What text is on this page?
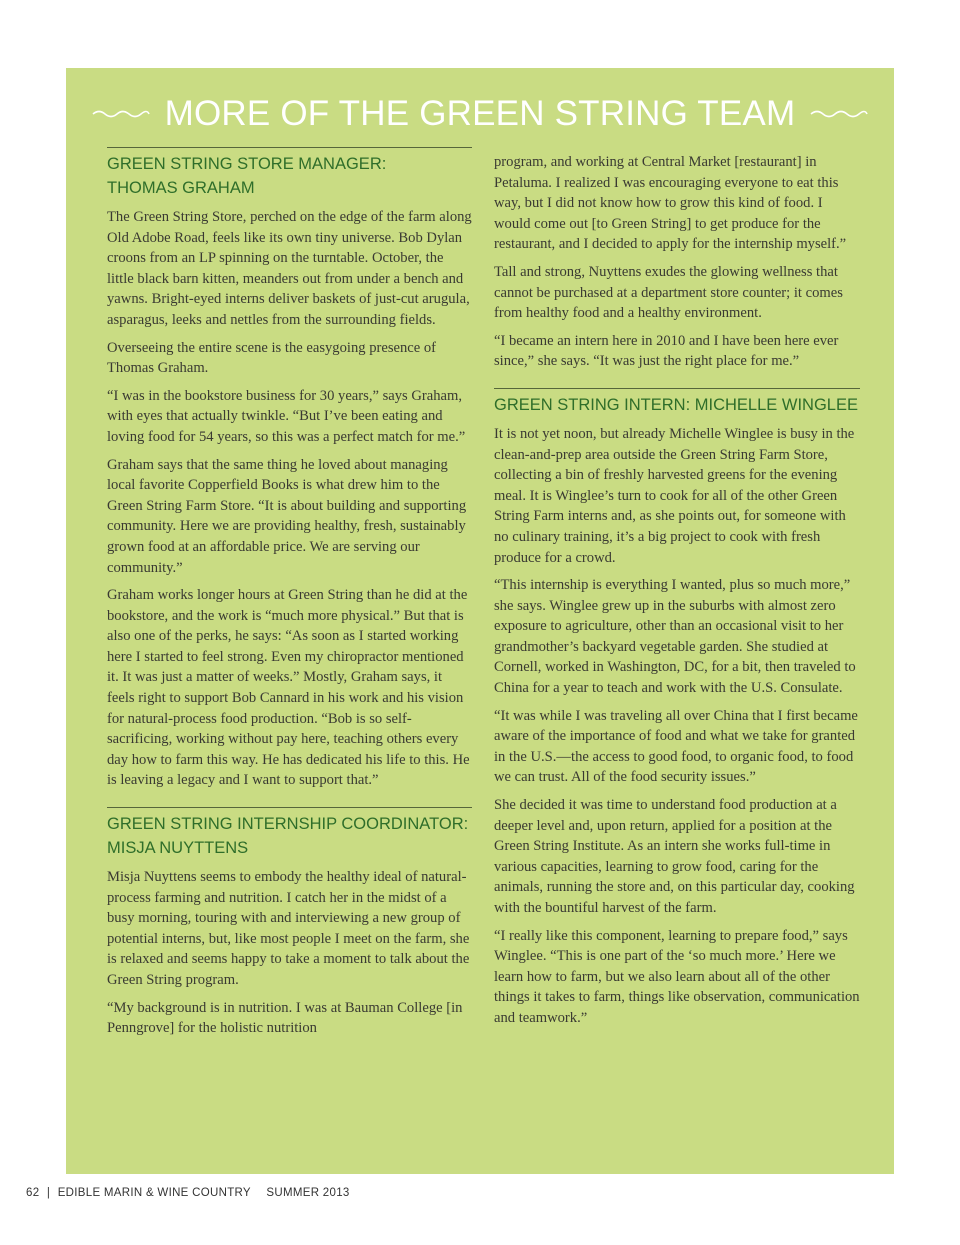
MORE OF THE GREEN STRING TEAM
GREEN STRING STORE MANAGER:
THOMAS GRAHAM

The Green String Store, perched on the edge of the farm along Old Adobe Road, feels like its own tiny universe. Bob Dylan croons from an LP spinning on the turntable. October, the little black barn kitten, meanders out from under a bench and yawns. Bright-eyed interns deliver baskets of just-cut arugula, asparagus, leeks and nettles from the surrounding fields.

Overseeing the entire scene is the easygoing presence of Thomas Graham.

“I was in the bookstore business for 30 years,” says Graham, with eyes that actually twinkle. “But I’ve been eating and loving food for 54 years, so this was a perfect match for me.”

Graham says that the same thing he loved about managing local favorite Copperfield Books is what drew him to the Green String Farm Store. “It is about building and supporting community. Here we are providing healthy, fresh, sustainably grown food at an affordable price. We are serving our community.”

Graham works longer hours at Green String than he did at the bookstore, and the work is “much more physical.” But that is also one of the perks, he says: “As soon as I started working here I started to feel strong. Even my chiropractor mentioned it. It was just a matter of weeks.” Mostly, Graham says, it feels right to support Bob Cannard in his work and his vision for natural-process food production. “Bob is so self-sacrificing, working without pay here, teaching others every day how to farm this way. He has dedicated his life to this. He is leaving a legacy and I want to support that.”

GREEN STRING INTERNSHIP COORDINATOR:
MISJA NUYTTENS

Misja Nuyttens seems to embody the healthy ideal of natural-process farming and nutrition. I catch her in the midst of a busy morning, touring with and interviewing a new group of potential interns, but, like most people I meet on the farm, she is relaxed and seems happy to take a moment to talk about the Green String program.

“My background is in nutrition. I was at Bauman College [in Penngrove] for the holistic nutrition

program, and working at Central Market [restaurant] in Petaluma. I realized I was encouraging everyone to eat this way, but I did not know how to grow this kind of food. I would come out [to Green String] to get produce for the restaurant, and I decided to apply for the internship myself.”

Tall and strong, Nuyttens exudes the glowing wellness that cannot be purchased at a department store counter; it comes from healthy food and a healthy environment.

“I became an intern here in 2010 and I have been here ever since,” she says. “It was just the right place for me.”

GREEN STRING INTERN: MICHELLE WINGLEE

It is not yet noon, but already Michelle Winglee is busy in the clean-and-prep area outside the Green String Farm Store, collecting a bin of freshly harvested greens for the evening meal. It is Winglee’s turn to cook for all of the other Green String Farm interns and, as she points out, for someone with no culinary training, it’s a big project to cook with fresh produce for a crowd.

“This internship is everything I wanted, plus so much more,” she says. Winglee grew up in the suburbs with almost zero exposure to agriculture, other than an occasional visit to her grandmother’s backyard vegetable garden. She studied at Cornell, worked in Washington, DC, for a bit, then traveled to China for a year to teach and work with the U.S. Consulate.

“It was while I was traveling all over China that I first became aware of the importance of food and what we take for granted in the U.S.—the access to good food, to organic food, to food we can trust. All of the food security issues.”

She decided it was time to understand food production at a deeper level and, upon return, applied for a position at the Green String Institute. As an intern she works full-time in various capacities, learning to grow food, caring for the animals, running the store and, on this particular day, cooking with the bountiful harvest of the farm.

“I really like this component, learning to prepare food,” says Winglee. “This is one part of the ‘so much more.’ Here we learn how to farm, but we also learn about all of the other things it takes to farm, things like observation, communication and teamwork.”

62 | EDIBLE MARIN & WINE COUNTRY SUMMER 2013
